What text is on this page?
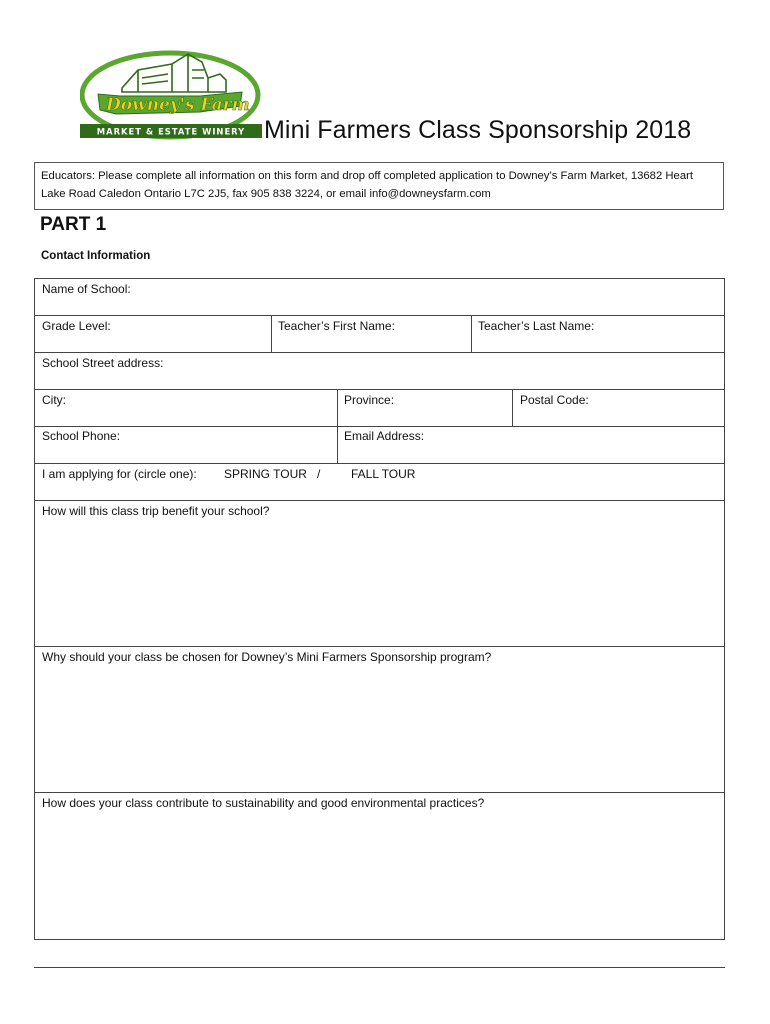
Downey's Farm
MARKET & ESTATE WINERY Mini Farmers Class Sponsorship 2018
Educators: Please complete all information on this form and drop off completed application to Downey’s Farm Market, 13682 Heart
Lake Road Caledon Ontario L7C 2J5, fax 905 838 3224, or email info@downeysfarm.com
PART 1
Contact Information
Name of School:
Grade Level:	Teacher’s First Name:	Teacher’s Last Name:
School Street address:
City:	Province:	Postal Code:
School Phone:	Email Address:
I am applying for (circle one): SPRING TOUR /	FALL TOUR
How will this class trip benefit your school?
Why should your class be chosen for Downey’s Mini Farmers Sponsorship program?
How does your class contribute to sustainability and good environmental practices?
